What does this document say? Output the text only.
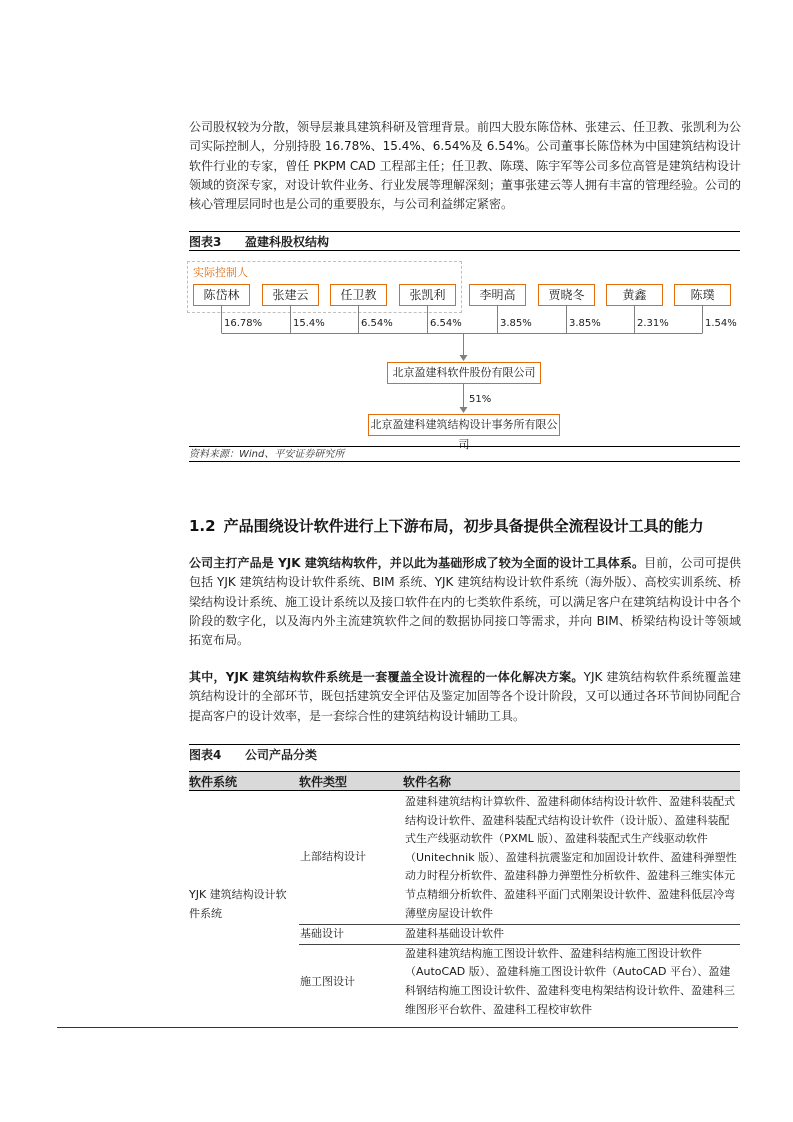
公司股权较为分散，领导层兼具建筑科研及管理背景。前四大股东陈岱林、张建云、任卫教、张凯利为公司实际控制人，分别持股 16.78%、15.4%、6.54%及 6.54%。公司董事长陈岱林为中国建筑结构设计软件行业的专家，曾任 PKPM CAD 工程部主任；任卫教、陈璞、陈宇军等公司多位高管是建筑结构设计领域的资深专家，对设计软件业务、行业发展等理解深刻；董事张建云等人拥有丰富的管理经验。公司的核心管理层同时也是公司的重要股东，与公司利益绑定紧密。

图表3 盈建科股权结构
实际控制人
陈岱林	张建云	任卫教	张凯利	李明高	贾晓冬	黄鑫	陈璞
16.78%	15.4%	6.54%	6.54%	3.85%	3.85%	2.31%	1.54%
北京盈建科软件股份有限公司
51%
北京盈建科建筑结构设计事务所有限公司
资料来源：Wind、平安证券研究所
1.2 产品围绕设计软件进行上下游布局，初步具备提供全流程设计工具的能力

公司主打产品是 YJK 建筑结构软件，并以此为基础形成了较为全面的设计工具体系。目前，公司可提供包括 YJK 建筑结构设计软件系统、BIM 系统、YJK 建筑结构设计软件系统（海外版）、高校实训系统、桥梁结构设计系统、施工设计系统以及接口软件在内的七类软件系统，可以满足客户在建筑结构设计中各个阶段的数字化，以及海内外主流建筑软件之间的数据协同接口等需求，并向 BIM、桥梁结构设计等领域拓宽布局。

其中，YJK 建筑结构软件系统是一套覆盖全设计流程的一体化解决方案。YJK 建筑结构软件系统覆盖建筑结构设计的全部环节，既包括建筑安全评估及鉴定加固等各个设计阶段，又可以通过各环节间协同配合提高客户的设计效率，是一套综合性的建筑结构设计辅助工具。

图表4 公司产品分类
软件系统	软件类型	软件名称
YJK 建筑结构设计软件系统	上部结构设计	盈建科建筑结构计算软件、盈建科砌体结构设计软件、盈建科装配式结构设计软件、盈建科装配式结构设计软件（设计版）、盈建科装配式生产线驱动软件（PXML 版）、盈建科装配式生产线驱动软件（Unitechnik 版）、盈建科抗震鉴定和加固设计软件、盈建科弹塑性动力时程分析软件、盈建科静力弹塑性分析软件、盈建科三维实体元节点精细分析软件、盈建科平面门式刚架设计软件、盈建科低层冷弯薄壁房屋设计软件
	基础设计	盈建科基础设计软件
	施工图设计	盈建科建筑结构施工图设计软件、盈建科结构施工图设计软件（AutoCAD 版）、盈建科施工图设计软件（AutoCAD 平台）、盈建科钢结构施工图设计软件、盈建科变电构架结构设计软件、盈建科三维图形平台软件、盈建科工程校审软件
